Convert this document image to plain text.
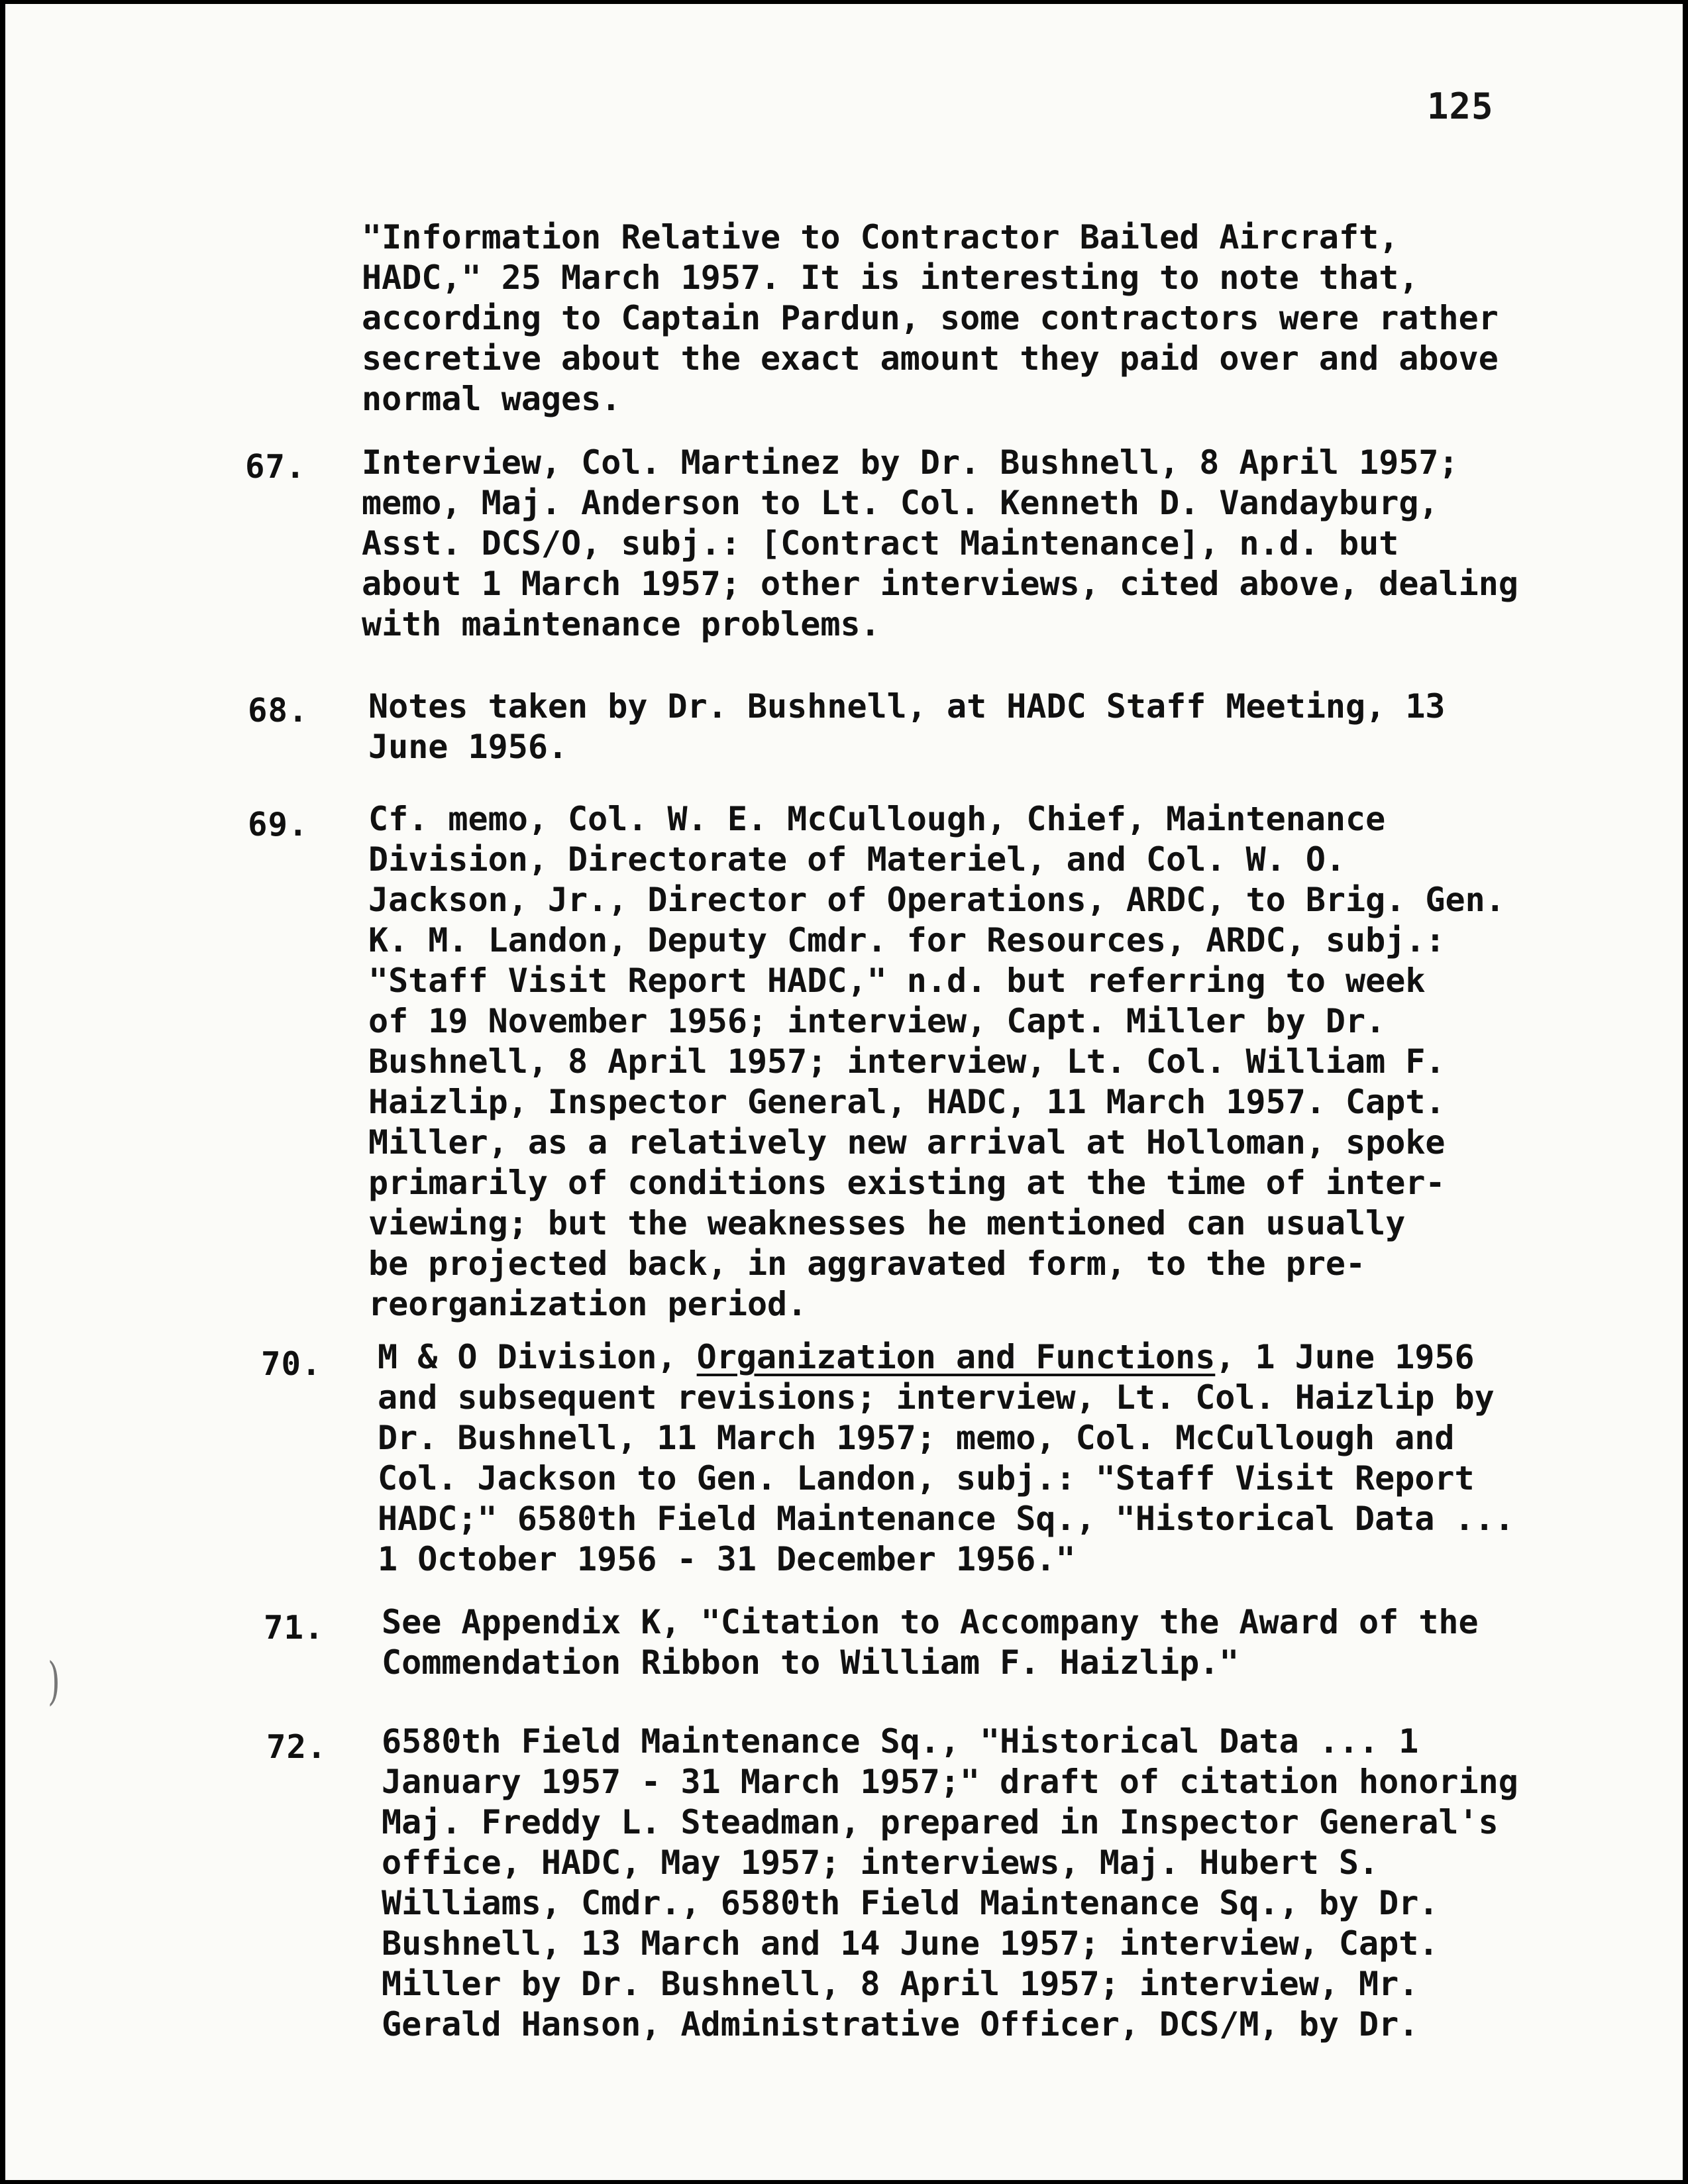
125
)
"Information Relative to Contractor Bailed Aircraft,
HADC," 25 March 1957. It is interesting to note that,
according to Captain Pardun, some contractors were rather
secretive about the exact amount they paid over and above
normal wages.
67. Interview, Col. Martinez by Dr. Bushnell, 8 April 1957;
memo, Maj. Anderson to Lt. Col. Kenneth D. Vandayburg,
Asst. DCS/O, subj.: [Contract Maintenance], n.d. but
about 1 March 1957; other interviews, cited above, dealing
with maintenance problems.
68. Notes taken by Dr. Bushnell, at HADC Staff Meeting, 13
June 1956.
69. Cf. memo, Col. W. E. McCullough, Chief, Maintenance
Division, Directorate of Materiel, and Col. W. O.
Jackson, Jr., Director of Operations, ARDC, to Brig. Gen.
K. M. Landon, Deputy Cmdr. for Resources, ARDC, subj.:
"Staff Visit Report HADC," n.d. but referring to week
of 19 November 1956; interview, Capt. Miller by Dr.
Bushnell, 8 April 1957; interview, Lt. Col. William F.
Haizlip, Inspector General, HADC, 11 March 1957. Capt.
Miller, as a relatively new arrival at Holloman, spoke
primarily of conditions existing at the time of inter-
viewing; but the weaknesses he mentioned can usually
be projected back, in aggravated form, to the pre-
reorganization period.
70. M & O Division, Organization and Functions, 1 June 1956
and subsequent revisions; interview, Lt. Col. Haizlip by
Dr. Bushnell, 11 March 1957; memo, Col. McCullough and
Col. Jackson to Gen. Landon, subj.: "Staff Visit Report
HADC;" 6580th Field Maintenance Sq., "Historical Data ...
1 October 1956 - 31 December 1956."
71. See Appendix K, "Citation to Accompany the Award of the
Commendation Ribbon to William F. Haizlip."
72. 6580th Field Maintenance Sq., "Historical Data ... 1
January 1957 - 31 March 1957;" draft of citation honoring
Maj. Freddy L. Steadman, prepared in Inspector General's
office, HADC, May 1957; interviews, Maj. Hubert S.
Williams, Cmdr., 6580th Field Maintenance Sq., by Dr.
Bushnell, 13 March and 14 June 1957; interview, Capt.
Miller by Dr. Bushnell, 8 April 1957; interview, Mr.
Gerald Hanson, Administrative Officer, DCS/M, by Dr.
